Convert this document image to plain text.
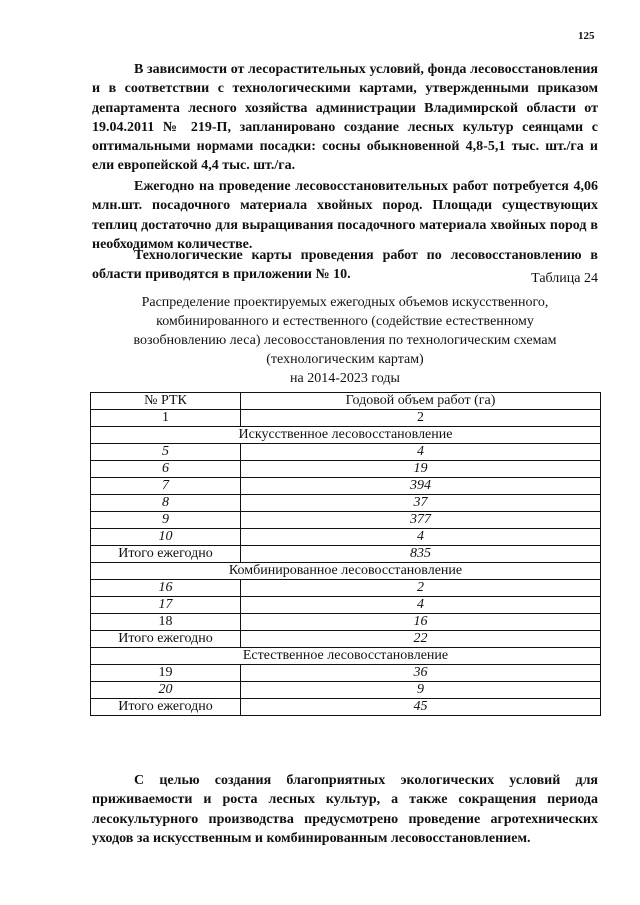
125

В зависимости от лесорастительных условий, фонда лесовосстановления и в соответствии с технологическими картами, утвержденными приказом департамента лесного хозяйства администрации Владимирской области от 19.04.2011 № 219-П, запланировано создание лесных культур сеянцами с оптимальными нормами посадки: сосны обыкновенной 4,8-5,1 тыс. шт./га и ели европейской 4,4 тыс. шт./га.

Ежегодно на проведение лесовосстановительных работ потребуется 4,06 млн.шт. посадочного материала хвойных пород. Площади существующих теплиц достаточно для выращивания посадочного материала хвойных пород в необходимом количестве.

Технологические карты проведения работ по лесовосстановлению в области приводятся в приложении № 10.	Таблица 24
Распределение проектируемых ежегодных объемов искусственного,
комбинированного и естественного (содействие естественному
возобновлению леса) лесовосстановления по технологическим схемам
(технологическим картам)
на 2014-2023 годы
№ РТК	Годовой объем работ (га)
1	2
Искусственное лесовосстановление	
5	4
6	19
7	394
8	37
9	377
10	4
Итого ежегодно	835
Комбинированное лесовосстановление	
16	2
17	4
18	16
Итого ежегодно	22
Естественное лесовосстановление	
19	36
20	9
Итого ежегодно	45

С целью создания благоприятных экологических условий для приживаемости и роста лесных культур, а также сокращения периода лесокультурного производства предусмотрено проведение агротехнических уходов за искусственным и комбинированным лесовосстановлением.
